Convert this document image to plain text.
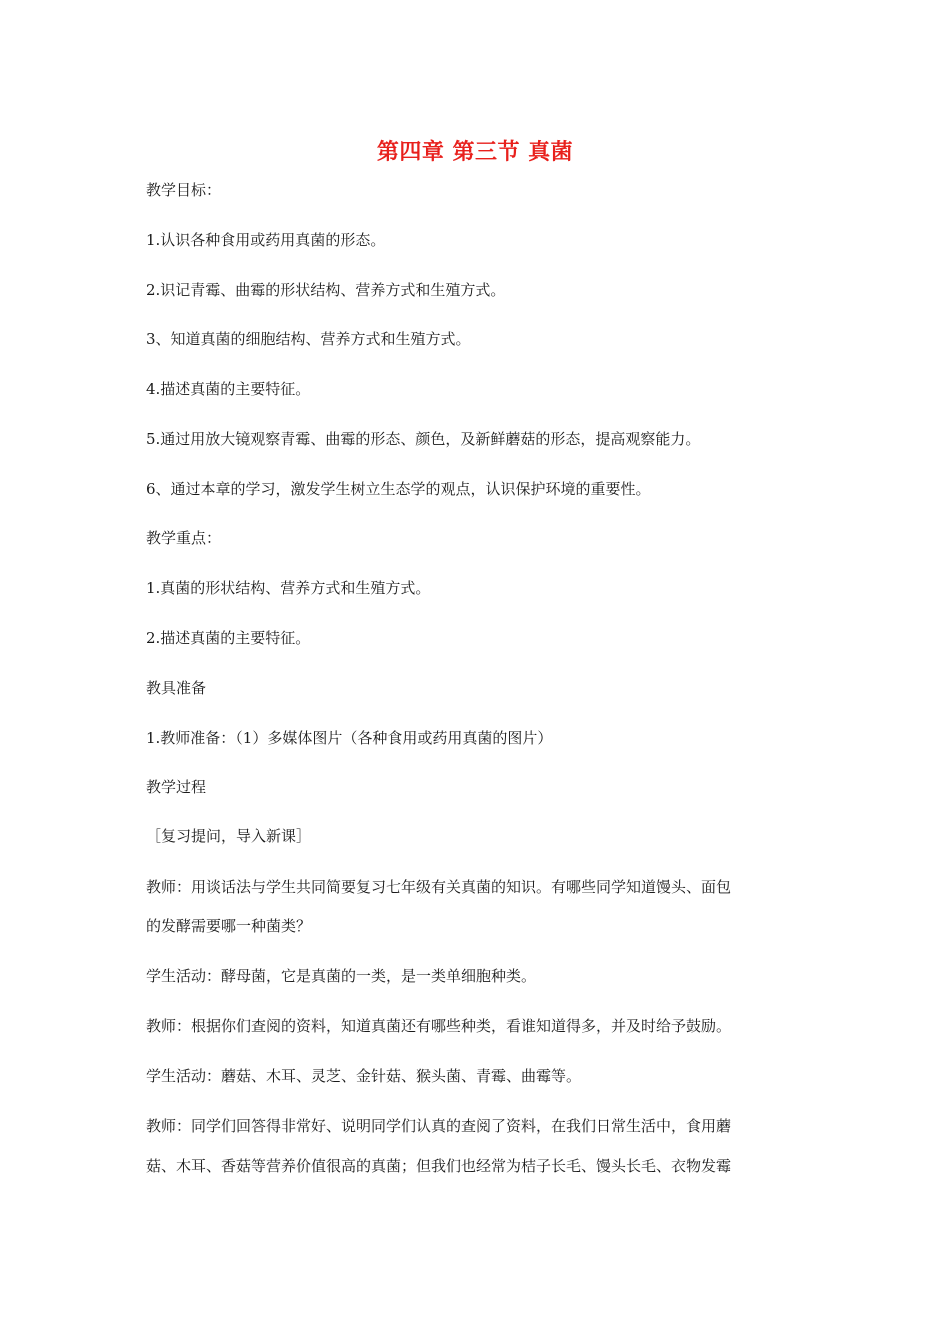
第四章 第三节 真菌

教学目标：

1.认识各种食用或药用真菌的形态。

2.识记青霉、曲霉的形状结构、营养方式和生殖方式。

3、知道真菌的细胞结构、营养方式和生殖方式。

4.描述真菌的主要特征。

5.通过用放大镜观察青霉、曲霉的形态、颜色，及新鲜蘑菇的形态，提高观察能力。

6、通过本章的学习，激发学生树立生态学的观点，认识保护环境的重要性。

教学重点：

1.真菌的形状结构、营养方式和生殖方式。

2.描述真菌的主要特征。

教具准备

1.教师准备：（1）多媒体图片（各种食用或药用真菌的图片）

教学过程

［复习提问，导入新课］

教师：用谈话法与学生共同简要复习七年级有关真菌的知识。有哪些同学知道馒头、面包

的发酵需要哪一种菌类？

学生活动：酵母菌，它是真菌的一类，是一类单细胞种类。

教师：根据你们查阅的资料，知道真菌还有哪些种类，看谁知道得多，并及时给予鼓励。

学生活动：蘑菇、木耳、灵芝、金针菇、猴头菌、青霉、曲霉等。

教师：同学们回答得非常好、说明同学们认真的查阅了资料，在我们日常生活中，食用蘑

菇、木耳、香菇等营养价值很高的真菌；但我们也经常为桔子长毛、馒头长毛、衣物发霉
